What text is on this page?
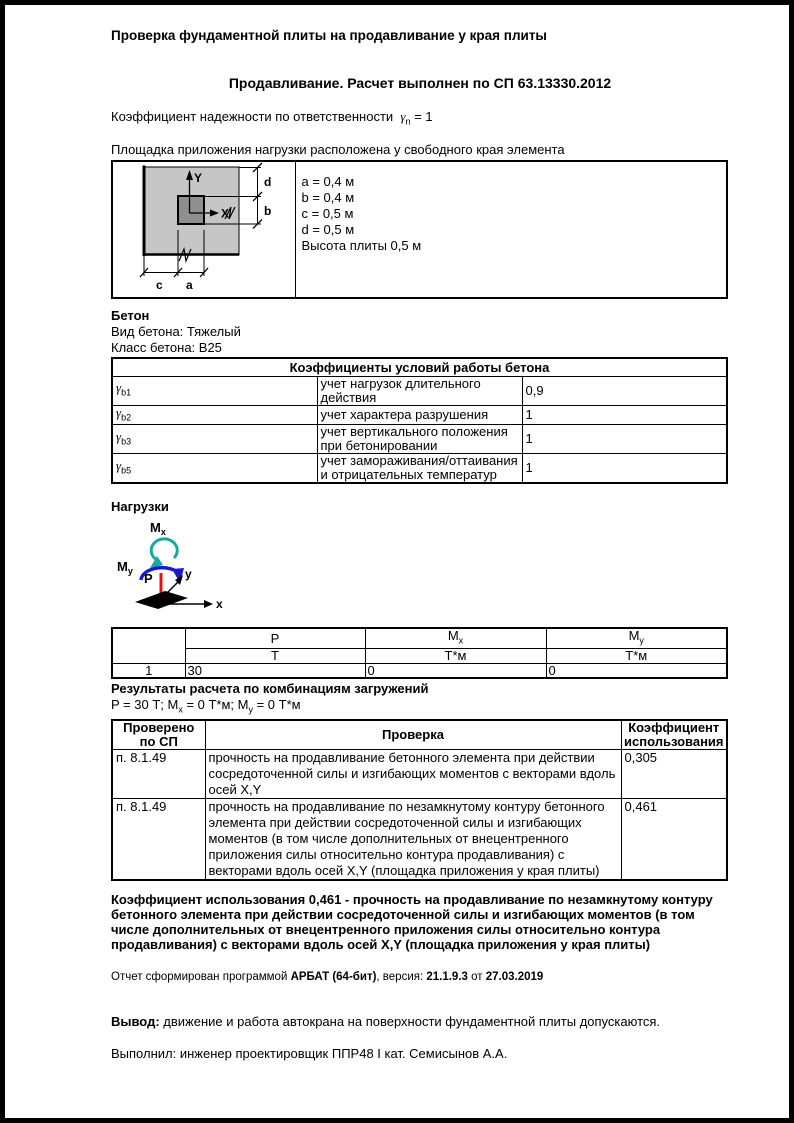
Проверка фундаментной плиты на продавливание у края плиты

Продавливание. Расчет выполнен по СП 63.13330.2012

Коэффициент надежности по ответственности $\gamma_n = 1$

Площадка приложения нагрузки расположена у свободного края элемента

Y
X
d
b
c a

a = 0,4 м
b = 0,4 м
c = 0,5 м
d = 0,5 м
Высота плиты 0,5 м

Бетон

Вид бетона: Тяжелый

Класс бетона: В25

Коэффициенты условий работы бетона		
$\gamma_{b1}$	учет нагрузок длительного действия	0,9
$\gamma_{b2}$	учет характера разрушения	1
$\gamma_{b3}$	учет вертикального положения при бетонировании	1
$\gamma_{b5}$	учет замораживания/оттаивания и отрицательных температур	1

Нагрузки

$M_x$
$M_y$ P	y
x
	P	$M_x$	$M_y$
	Т	Т*м	Т*м
1	30	0	0

Результаты расчета по комбинациям загружений

P = 30 Т; $M_x = 0$ Т*м; $M_y = 0$ Т*м

Проверено по СП	Проверка	Коэффициент использования
п. 8.1.49	прочность на продавливание бетонного элемента при действии сосредоточенной силы и изгибающих моментов с векторами вдоль осей X,Y	0,305
п. 8.1.49	прочность на продавливание по незамкнутому контуру бетонного элемента при действии сосредоточенной силы и изгибающих моментов (в том числе дополнительных от внецентренного приложения силы относительно контура продавливания) с векторами вдоль осей X,Y (площадка приложения у края плиты)	0,461

Коэффициент использования 0,461 - прочность на продавливание по незамкнутому контуру бетонного элемента при действии сосредоточенной силы и изгибающих моментов (в том числе дополнительных от внецентренного приложения силы относительно контура продавливания) с векторами вдоль осей X,Y (площадка приложения у края плиты)

Отчет сформирован программой АРБАТ (64-бит), версия: 21.1.9.3 от 27.03.2019

Вывод: движение и работа автокрана на поверхности фундаментной плиты допускаются.

Выполнил: инженер проектировщик ППР48 I кат. Семисынов А.А.
